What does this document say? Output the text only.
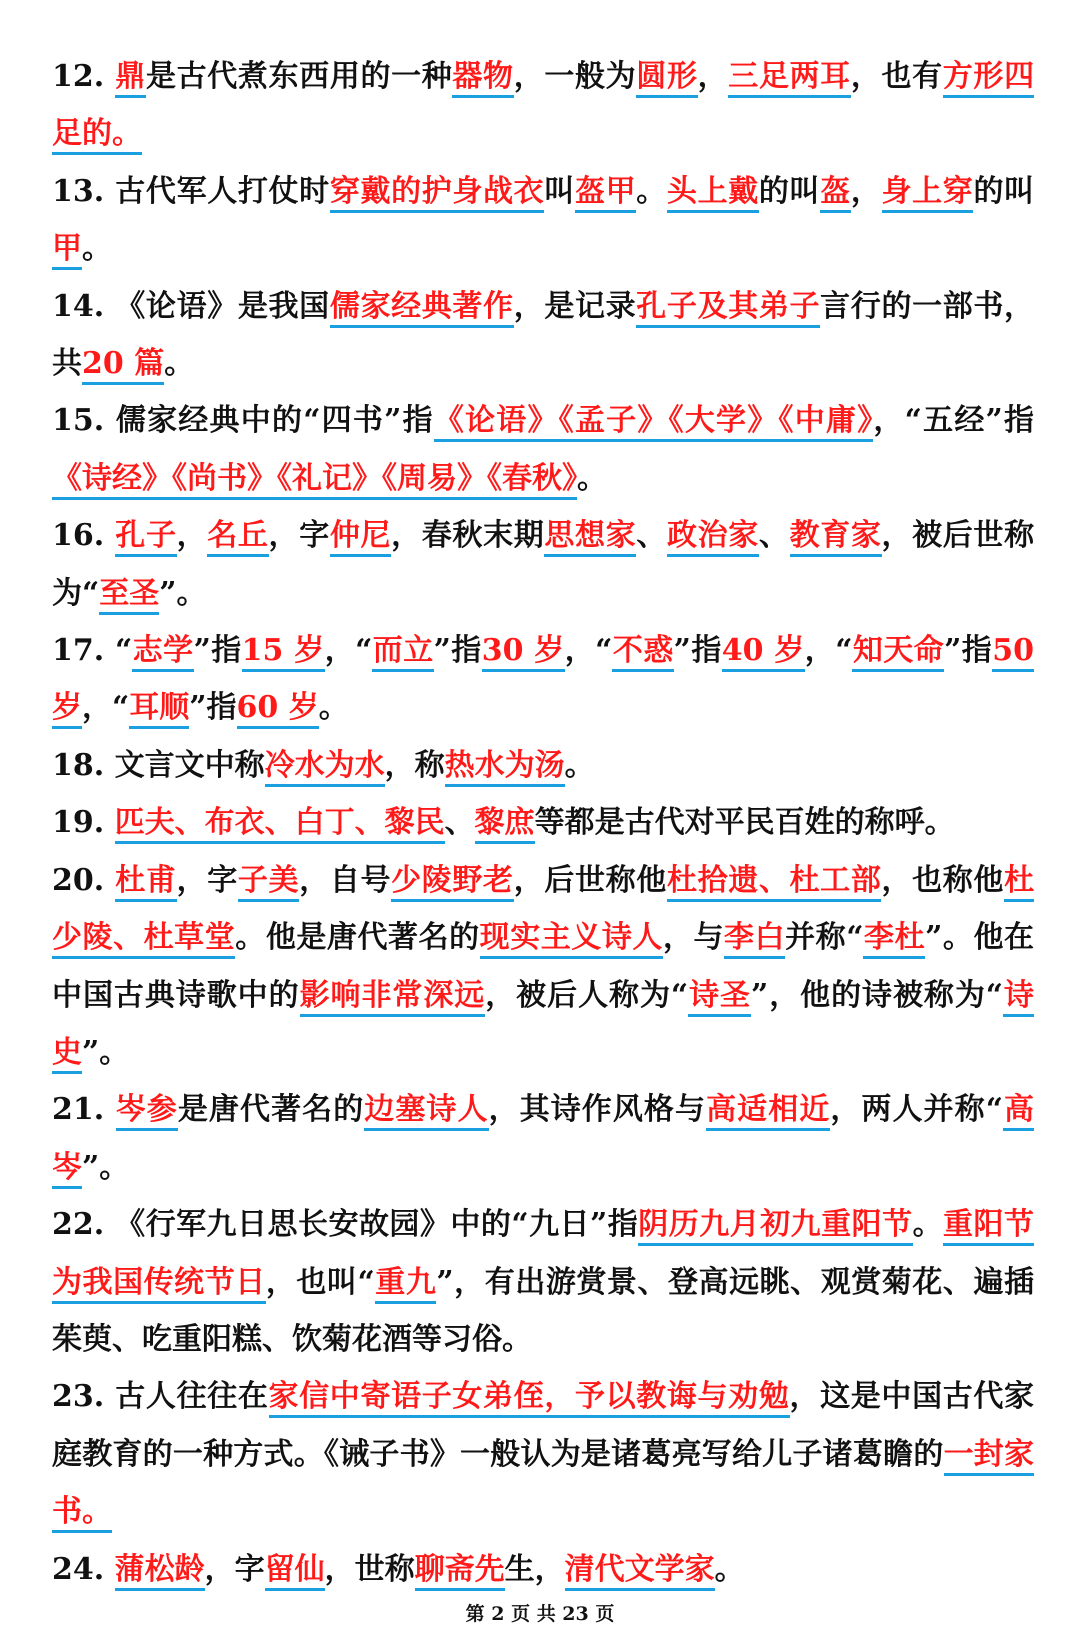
12. 鼎是古代煮东西用的一种器物，一般为圆形，三足两耳，也有方形四足的。

13. 古代军人打仗时穿戴的护身战衣叫盔甲。头上戴的叫盔，身上穿的叫甲。

14. 《论语》是我国儒家经典著作，是记录孔子及其弟子言行的一部书，共20 篇。

15. 儒家经典中的“四书”指《论语》《孟子》《大学》《中庸》，“五经”指《诗经》《尚书》《礼记》《周易》《春秋》。

16. 孔子，名丘，字仲尼，春秋末期思想家、政治家、教育家，被后世称为“至圣”。

17. “志学”指15 岁，“而立”指30 岁，“不惑”指40 岁，“知天命”指50 岁，“耳顺”指60 岁。

18. 文言文中称冷水为水，称热水为汤。

19. 匹夫、布衣、白丁、黎民、黎庶等都是古代对平民百姓的称呼。

20. 杜甫，字子美，自号少陵野老，后世称他杜拾遗、杜工部，也称他杜少陵、杜草堂。他是唐代著名的现实主义诗人，与李白并称“李杜”。他在中国古典诗歌中的影响非常深远，被后人称为“诗圣”，他的诗被称为“诗史”。

21. 岑参是唐代著名的边塞诗人，其诗作风格与高适相近，两人并称“高岑”。

22. 《行军九日思长安故园》中的“九日”指阴历九月初九重阳节。重阳节为我国传统节日，也叫“重九”，有出游赏景、登高远眺、观赏菊花、遍插茱萸、吃重阳糕、饮菊花酒等习俗。

23. 古人往往在家信中寄语子女弟侄，予以教诲与劝勉，这是中国古代家庭教育的一种方式。《诫子书》一般认为是诸葛亮写给儿子诸葛瞻的一封家书。

24. 蒲松龄，字留仙，世称聊斋先生，清代文学家。

第 2 页 共 23 页
